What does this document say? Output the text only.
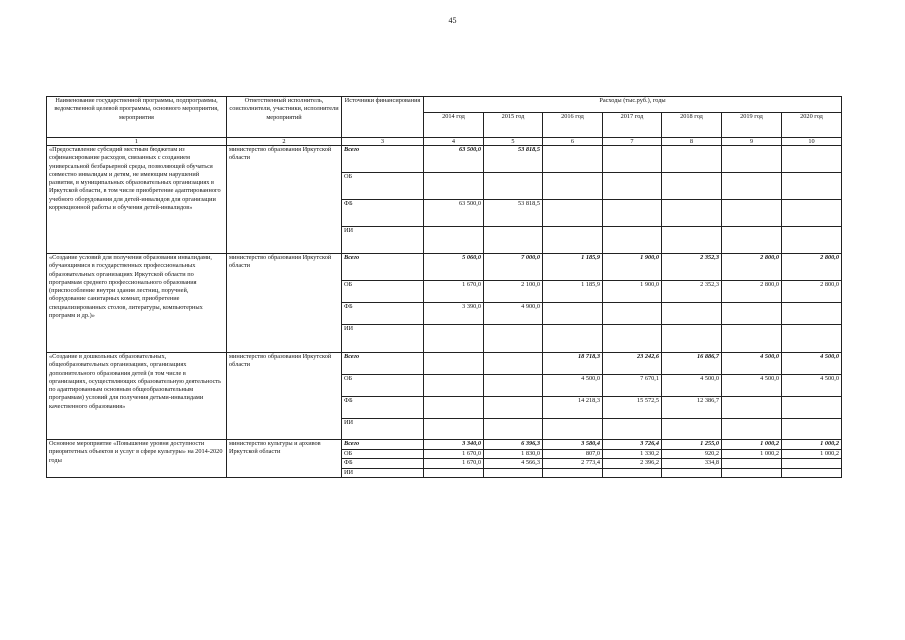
45
Наименование государственной программы, подпрограммы, ведомственной целевой программы, основного мероприятия, мероприятия	Ответственный исполнитель, соисполнители, участники, исполнители мероприятий	Источники финансирования	Расходы (тыс.руб.), годы						
			2014 год	2015 год	2016 год	2017 год	2018 год	2019 год	2020 год
1	2	3	4	5	6	7	8	9	10
«Предоставление субсидий местным бюджетам из софинансирование расходов, связанных с созданием универсальной безбарьерной среды, позволяющей обучаться совместно инвалидам и детям, не имеющим нарушений развития, в муниципальных образовательных организациях в Иркутской области, в том числе приобретение адаптированного учебного оборудования для детей-инвалидов для организации коррекционной работы и обучения детей-инвалидов»	министерство образования Иркутской области	Всего	63 500,0	53 818,5					
		ОБ							
		ФБ	63 500,0	53 818,5					
		ИИ							
«Создание условий для получения образования инвалидами, обучающимися в государственных профессиональных образовательных организациях Иркутской области по программам среднего профессионального образования (приспособление внутри здания лестниц, поручней, оборудование санитарных комнат, приобретение специализированных столов, литературы, компьютерных программ и др.)»	министерство образования Иркутской области	Всего	5 060,0	7 000,0	1 185,9	1 900,0	2 352,3	2 800,0	2 800,0
		ОБ	1 670,0	2 100,0	1 185,9	1 900,0	2 352,3	2 800,0	2 800,0
		ФБ	3 390,0	4 900,0					
		ИИ							
«Создание в дошкольных образовательных, общеобразовательных организациях, организациях дополнительного образования детей (в том числе в организациях, осуществляющих образовательную деятельность по адаптированным основным общеобразовательным программам) условий для получения детьми-инвалидами качественного образования»	министерство образования Иркутской области	Всего			18 718,3	23 242,6	16 886,7	4 500,0	4 500,0
		ОБ			4 500,0	7 670,1	4 500,0	4 500,0	4 500,0
		ФБ			14 218,3	15 572,5	12 386,7		
		ИИ							
Основное мероприятие «Повышение уровня доступности приоритетных объектов и услуг в сфере культуры» на 2014-2020 годы	министерство культуры и архивов Иркутской области	Всего	3 340,0	6 396,3	3 580,4	3 726,4	1 255,0	1 000,2	1 000,2
		ОБ	1 670,0	1 830,0	807,0	1 330,2	920,2	1 000,2	1 000,2
		ФБ	1 670,0	4 566,3	2 773,4	2 396,2	334,8		
		ИИ							
